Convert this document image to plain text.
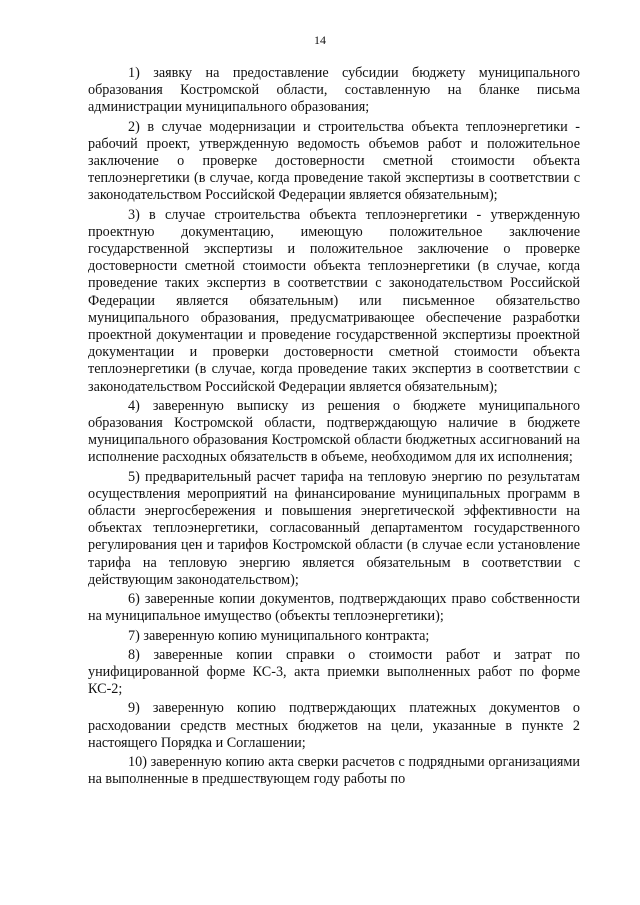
14

1) заявку на предоставление субсидии бюджету муниципального образования Костромской области, составленную на бланке письма администрации муниципального образования;

2) в случае модернизации и строительства объекта теплоэнергетики - рабочий проект, утвержденную ведомость объемов работ и положительное заключение о проверке достоверности сметной стоимости объекта теплоэнергетики (в случае, когда проведение такой экспертизы в соответствии с законодательством Российской Федерации является обязательным);

3) в случае строительства объекта теплоэнергетики - утвержденную проектную документацию, имеющую положительное заключение государственной экспертизы и положительное заключение о проверке достоверности сметной стоимости объекта теплоэнергетики (в случае, когда проведение таких экспертиз в соответствии с законодательством Российской Федерации является обязательным) или письменное обязательство муниципального образования, предусматривающее обеспечение разработки проектной документации и проведение государственной экспертизы проектной документации и проверки достоверности сметной стоимости объекта теплоэнергетики (в случае, когда проведение таких экспертиз в соответствии с законодательством Российской Федерации является обязательным);

4) заверенную выписку из решения о бюджете муниципального образования Костромской области, подтверждающую наличие в бюджете муниципального образования Костромской области бюджетных ассигнований на исполнение расходных обязательств в объеме, необходимом для их исполнения;

5) предварительный расчет тарифа на тепловую энергию по результатам осуществления мероприятий на финансирование муниципальных программ в области энергосбережения и повышения энергетической эффективности на объектах теплоэнергетики, согласованный департаментом государственного регулирования цен и тарифов Костромской области (в случае если установление тарифа на тепловую энергию является обязательным в соответствии с действующим законодательством);

6) заверенные копии документов, подтверждающих право собственности на муниципальное имущество (объекты теплоэнергетики);

7) заверенную копию муниципального контракта;

8) заверенные копии справки о стоимости работ и затрат по унифицированной форме КС-3, акта приемки выполненных работ по форме КС-2;

9) заверенную копию подтверждающих платежных документов о расходовании средств местных бюджетов на цели, указанные в пункте 2 настоящего Порядка и Соглашении;

10) заверенную копию акта сверки расчетов с подрядными организациями на выполненные в предшествующем году работы по
